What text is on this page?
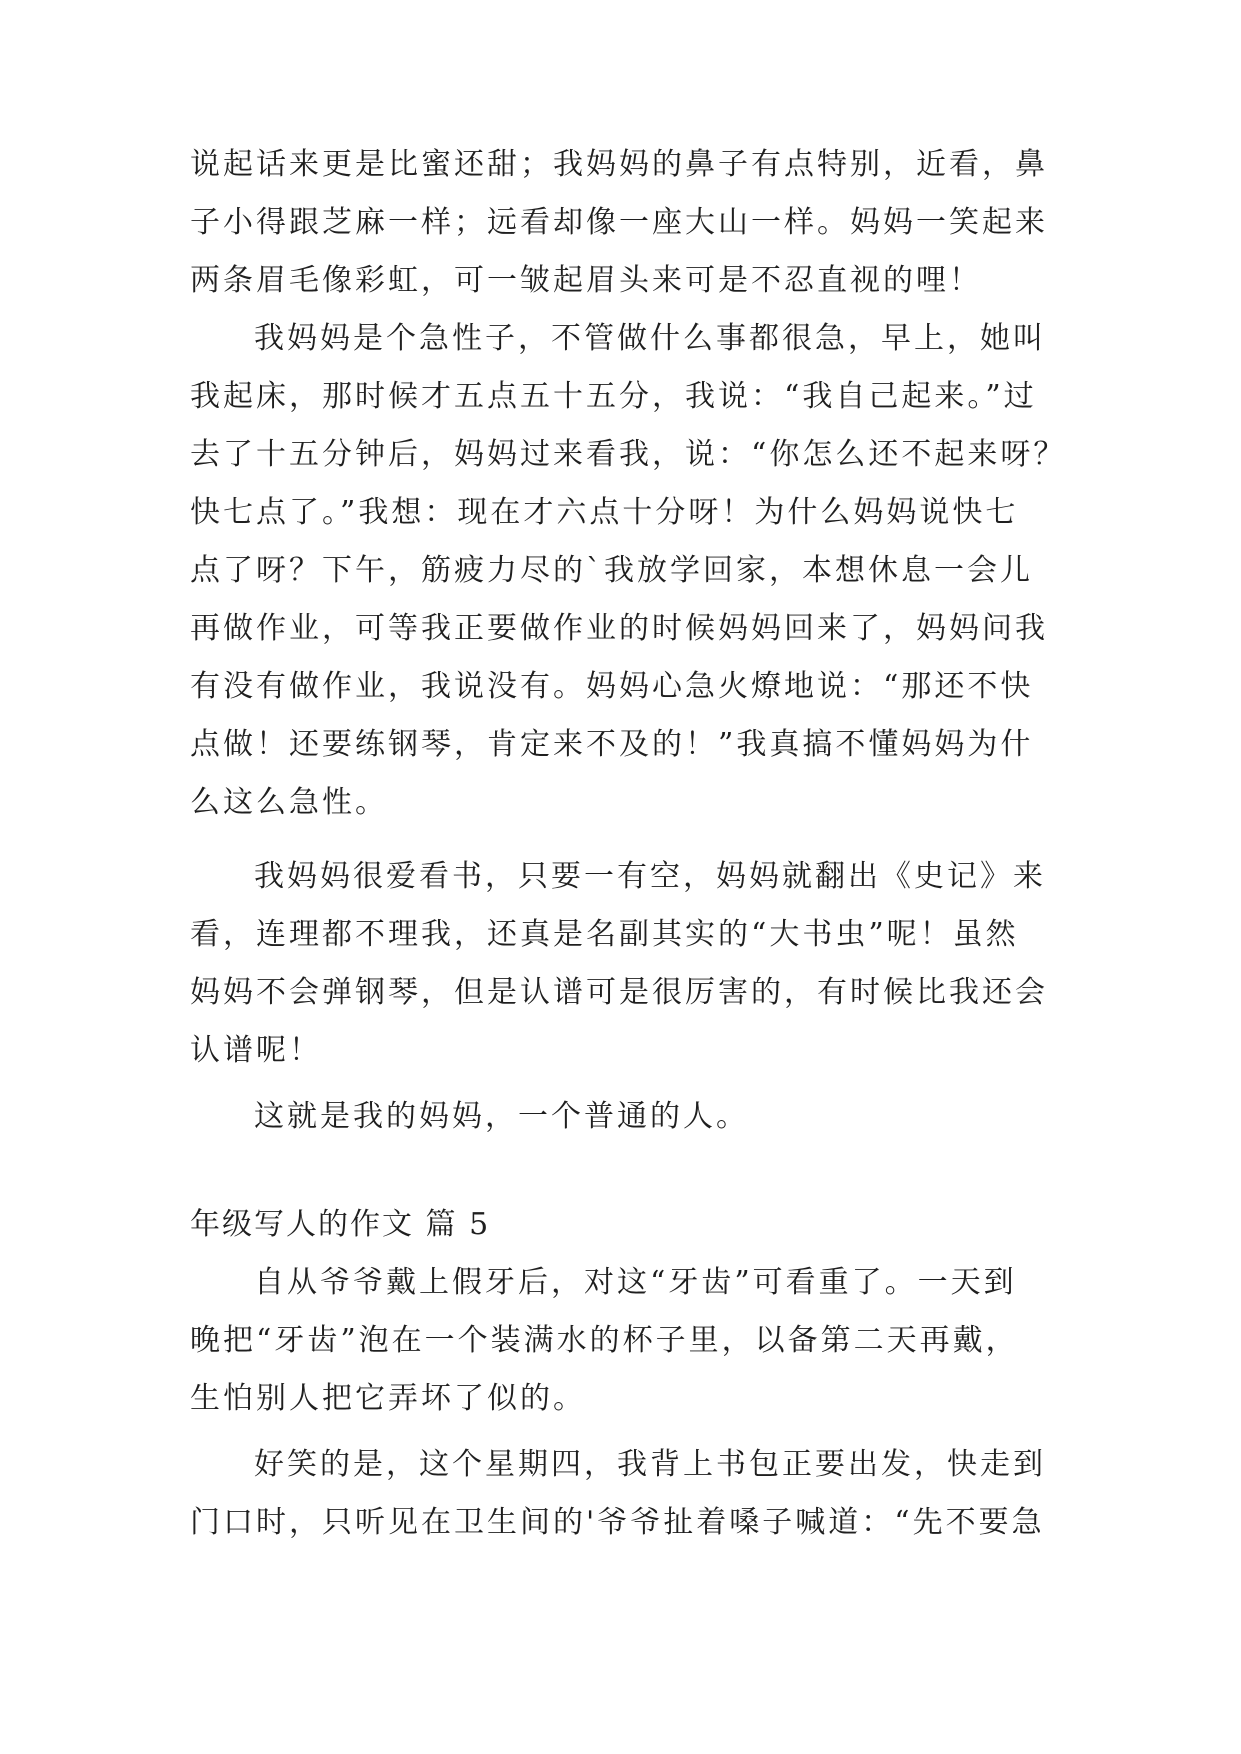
说起话来更是比蜜还甜；我妈妈的鼻子有点特别，近看，鼻
子小得跟芝麻一样；远看却像一座大山一样。妈妈一笑起来
两条眉毛像彩虹，可一皱起眉头来可是不忍直视的哩！
我妈妈是个急性子，不管做什么事都很急，早上，她叫
我起床，那时候才五点五十五分，我说：“我自己起来。”过
去了十五分钟后，妈妈过来看我，说：“你怎么还不起来呀？
快七点了。”我想：现在才六点十分呀！为什么妈妈说快七
点了呀？下午，筋疲力尽的`我放学回家，本想休息一会儿
再做作业，可等我正要做作业的时候妈妈回来了，妈妈问我
有没有做作业，我说没有。妈妈心急火燎地说：“那还不快
点做！还要练钢琴，肯定来不及的！”我真搞不懂妈妈为什
么这么急性。
我妈妈很爱看书，只要一有空，妈妈就翻出《史记》来
看，连理都不理我，还真是名副其实的“大书虫”呢！虽然
妈妈不会弹钢琴，但是认谱可是很厉害的，有时候比我还会
认谱呢！
这就是我的妈妈，一个普通的人。
年级写人的作文 篇 5
自从爷爷戴上假牙后，对这“牙齿”可看重了。一天到
晚把“牙齿”泡在一个装满水的杯子里，以备第二天再戴，
生怕别人把它弄坏了似的。
好笑的是，这个星期四，我背上书包正要出发，快走到
门口时，只听见在卫生间的'爷爷扯着嗓子喊道：“先不要急
